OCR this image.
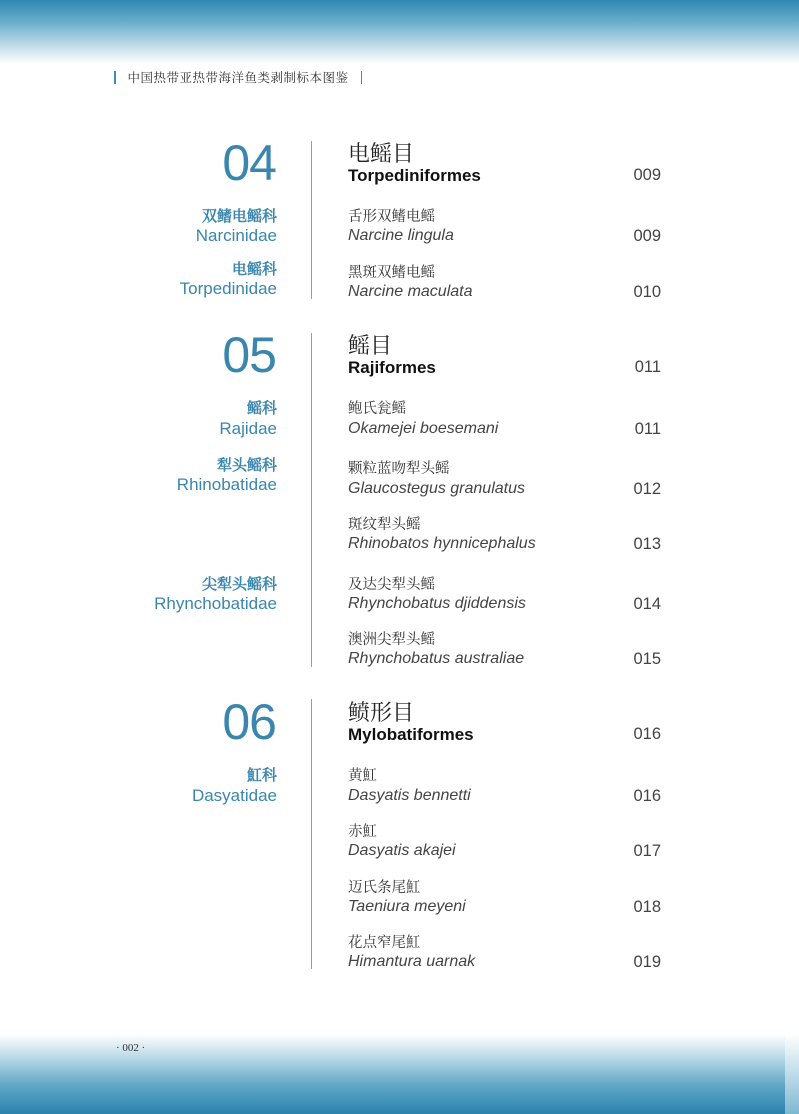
中国热带亚热带海洋鱼类剥制标本图鉴
04
双鳍电鳐科
Narcinidae
电鳐科
Torpedinidae
电鳐目
Torpediniformes	009
舌形双鳍电鳐
Narcine lingula	009
黑斑双鳍电鳐
Narcine maculata	010
05
鳐科
Rajidae
犁头鳐科
Rhinobatidae
尖犁头鳐科
Rhynchobatidae
鳐目
Rajiformes	011
鲍氏瓮鳐
Okamejei boesemani	011
颗粒蓝吻犁头鳐
Glaucostegus granulatus	012
斑纹犁头鳐
Rhinobatos hynnicephalus	013
及达尖犁头鳐
Rhynchobatus djiddensis	014
澳洲尖犁头鳐
Rhynchobatus australiae	015
06
魟科
Dasyatidae
鲼形目
Mylobatiformes	016
黄魟
Dasyatis bennetti	016
赤魟
Dasyatis akajei	017
迈氏条尾魟
Taeniura meyeni	018
花点窄尾魟
Himantura uarnak	019
· 002 ·
